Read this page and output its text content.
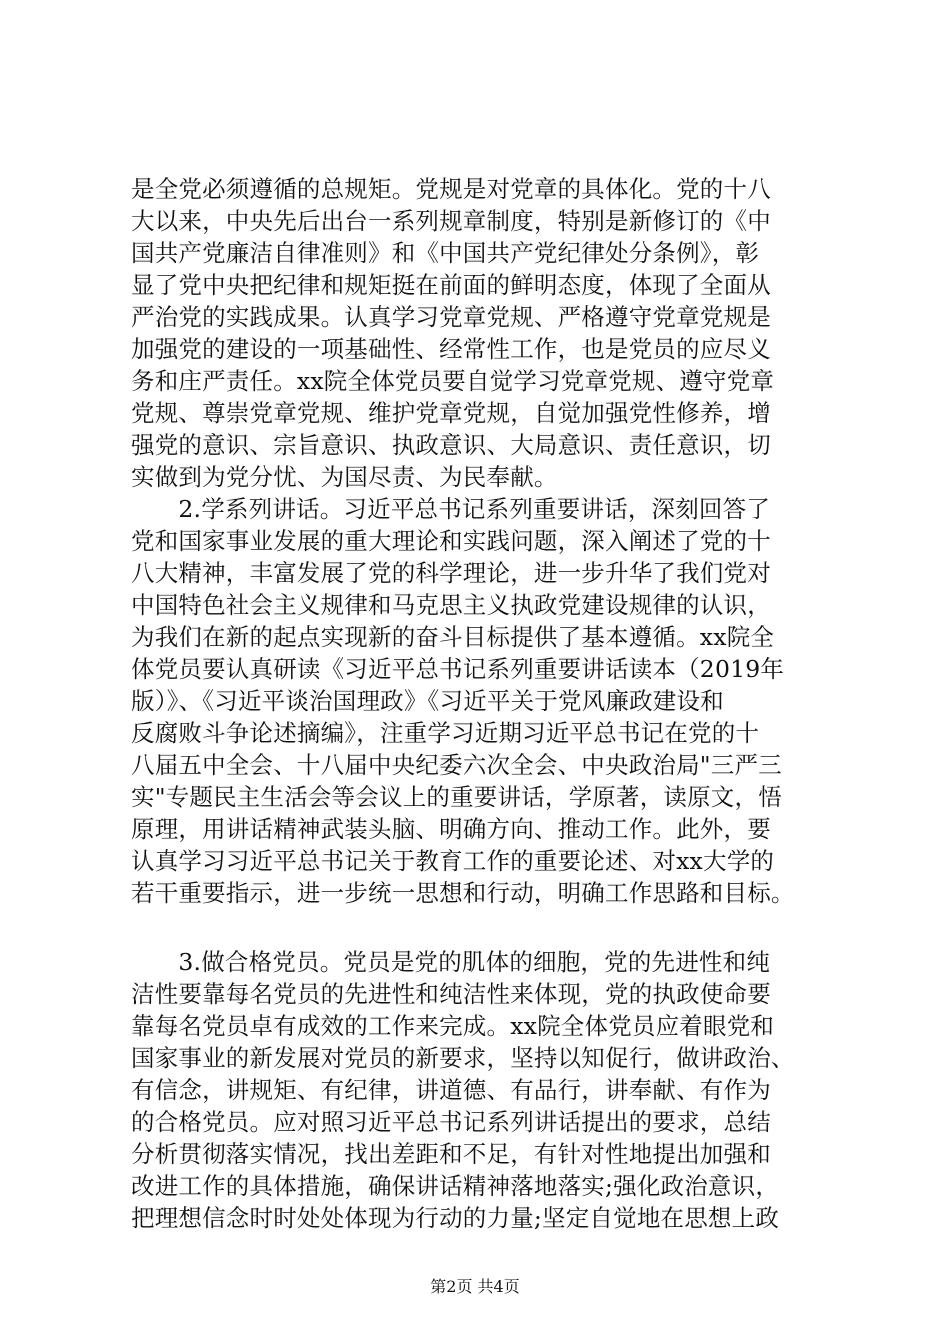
是全党必须遵循的总规矩。党规是对党章的具体化。党的十八
大以来，中央先后出台一系列规章制度，特别是新修订的《中
国共产党廉洁自律准则》和《中国共产党纪律处分条例》，彰
显了党中央把纪律和规矩挺在前面的鲜明态度，体现了全面从
严治党的实践成果。认真学习党章党规、严格遵守党章党规是
加强党的建设的一项基础性、经常性工作，也是党员的应尽义
务和庄严责任。xx院全体党员要自觉学习党章党规、遵守党章
党规、尊崇党章党规、维护党章党规，自觉加强党性修养，增
强党的意识、宗旨意识、执政意识、大局意识、责任意识，切
实做到为党分忧、为国尽责、为民奉献。
　　2.学系列讲话。习近平总书记系列重要讲话，深刻回答了
党和国家事业发展的重大理论和实践问题，深入阐述了党的十
八大精神，丰富发展了党的科学理论，进一步升华了我们党对
中国特色社会主义规律和马克思主义执政党建设规律的认识，
为我们在新的起点实现新的奋斗目标提供了基本遵循。xx院全
体党员要认真研读《习近平总书记系列重要讲话读本（2019年
版）》、《习近平谈治国理政》《习近平关于党风廉政建设和
反腐败斗争论述摘编》，注重学习近期习近平总书记在党的十
八届五中全会、十八届中央纪委六次全会、中央政治局"三严三
实"专题民主生活会等会议上的重要讲话，学原著，读原文，悟
原理，用讲话精神武装头脑、明确方向、推动工作。此外，要
认真学习习近平总书记关于教育工作的重要论述、对xx大学的
若干重要指示，进一步统一思想和行动，明确工作思路和目标。
　　3.做合格党员。党员是党的肌体的细胞，党的先进性和纯
洁性要靠每名党员的先进性和纯洁性来体现，党的执政使命要
靠每名党员卓有成效的工作来完成。xx院全体党员应着眼党和
国家事业的新发展对党员的新要求，坚持以知促行，做讲政治、
有信念，讲规矩、有纪律，讲道德、有品行，讲奉献、有作为
的合格党员。应对照习近平总书记系列讲话提出的要求，总结
分析贯彻落实情况，找出差距和不足，有针对性地提出加强和
改进工作的具体措施，确保讲话精神落地落实;强化政治意识，
把理想信念时时处处体现为行动的力量;坚定自觉地在思想上政
第2页 共4页
